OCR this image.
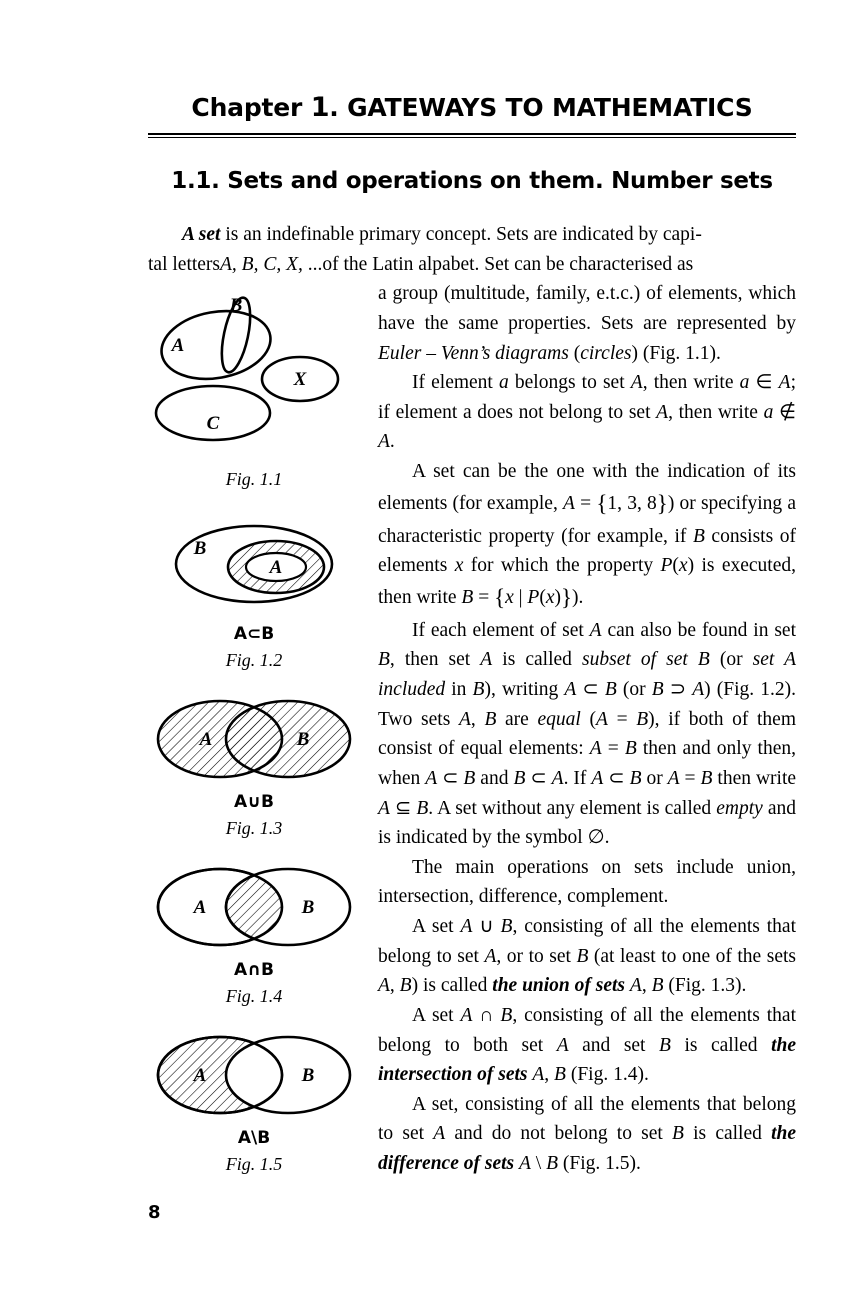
Chapter 1. GATEWAYS TO MATHEMATICS
1.1. Sets and operations on them. Number sets

A set is an indefinable primary concept. Sets are indicated by capi-
tal lettersA, B, C, X, ...of the Latin alpabet. Set can be characterised as

B
A
X
C
Fig. 1.1
B
A
A⊂B
Fig. 1.2
A	B
A∪B
Fig. 1.3
A	B
A∩B
Fig. 1.4
A	B
A\B
Fig. 1.5

a group (multitude, family, e.t.c.) of elements, which have the same properties. Sets are represented by Euler – Venn’s diagrams (circles) (Fig. 1.1).

If element a belongs to set A, then write a ∈ A; if element a does not belong to set A, then write a ∉ A.

A set can be the one with the indication of its elements (for example, A = {1, 3, 8}) or specifying a characteristic property (for example, if B consists of elements x for which the property P(x) is executed, then write B = {x | P(x)}).

If each element of set A can also be found in set B, then set A is called subset of set B (or set A included in B), writing A ⊂ B (or B ⊃ A) (Fig. 1.2). Two sets A, B are equal (A = B), if both of them consist of equal elements: A = B then and only then, when A ⊂ B and B ⊂ A. If A ⊂ B or A = B then write A ⊆ B. A set without any element is called empty and is indicated by the symbol ∅.

The main operations on sets include union, intersection, difference, complement.

A set A ∪ B, consisting of all the elements that belong to set A, or to set B (at least to one of the sets A, B) is called the union of sets A, B (Fig. 1.3).

A set A ∩ B, consisting of all the elements that belong to both set A and set B is called the intersection of sets A, B (Fig. 1.4).

A set, consisting of all the elements that belong to set A and do not belong to set B is called the difference of sets A \ B (Fig. 1.5).

8
